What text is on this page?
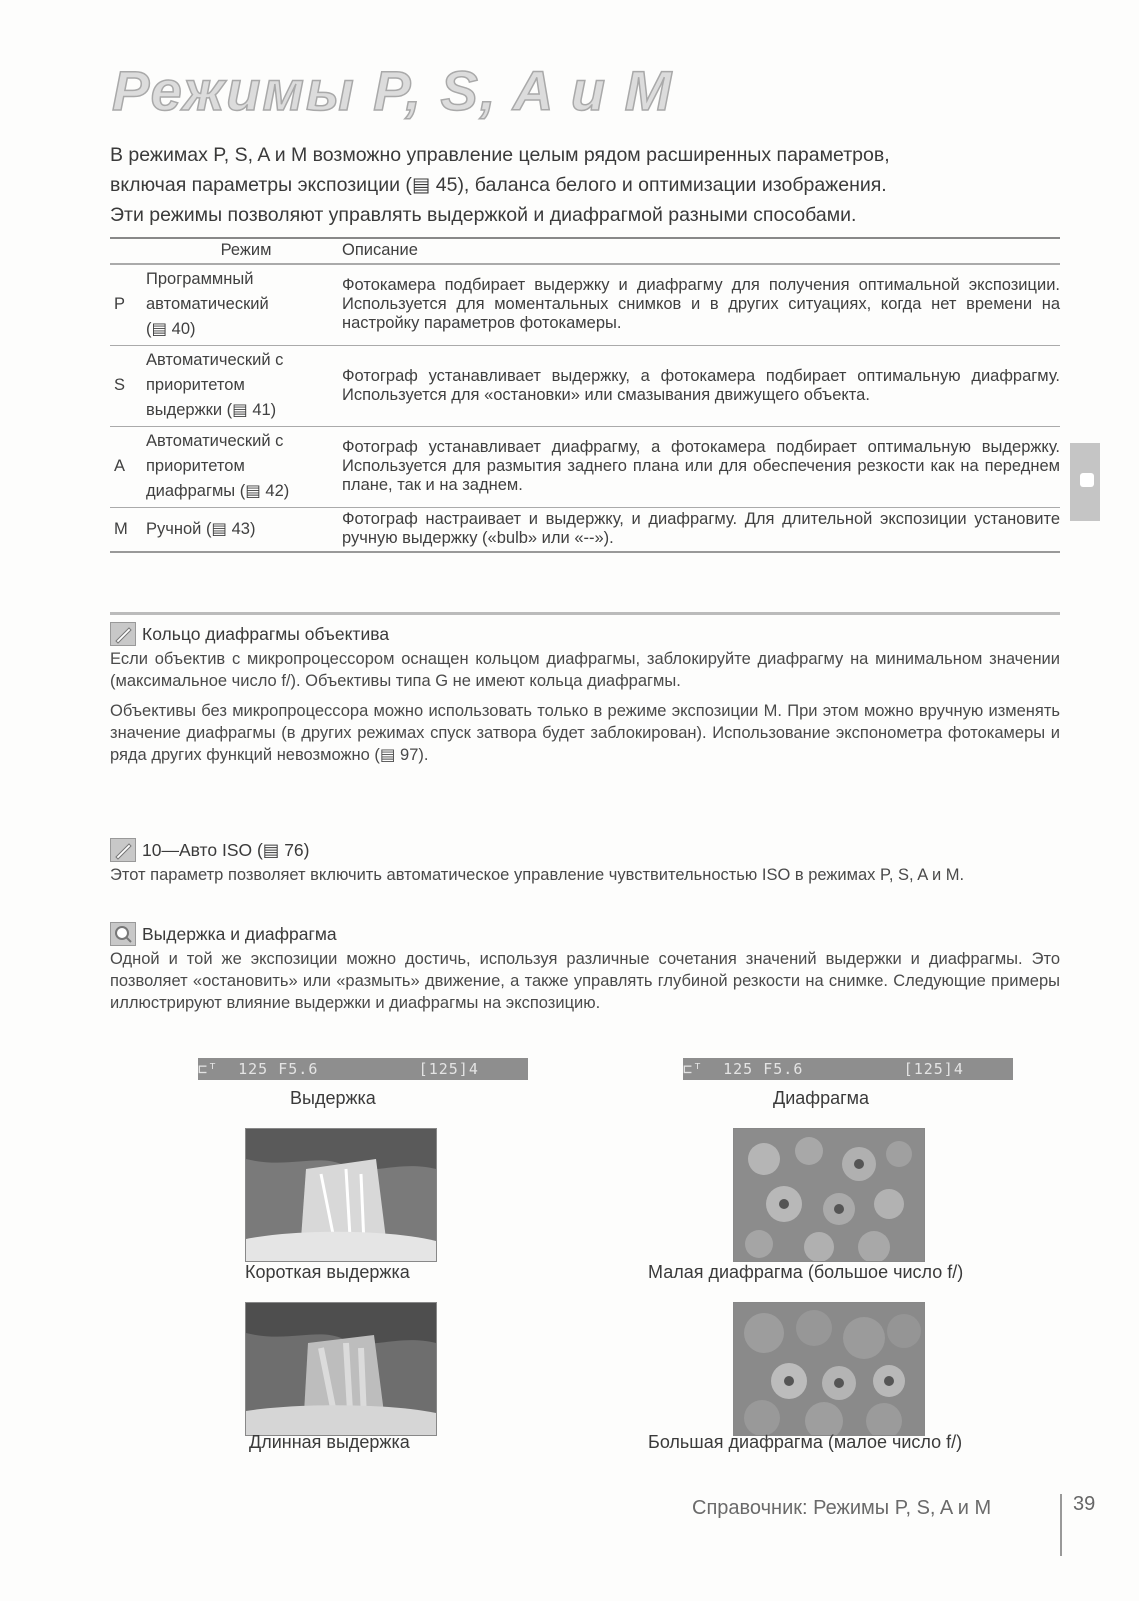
Режимы P, S, A и M

В режимах P, S, A и M возможно управление целым рядом расширенных параметров,
включая параметры экспозиции (▤ 45), баланса белого и оптимизации изображения.
Эти режимы позволяют управлять выдержкой и диафрагмой разными способами.

Режим		Описание
P	Программный
автоматический
(▤ 40)	Фотокамера подбирает выдержку и диафрагму для получения оптимальной экспозиции. Используется для моментальных снимков и в других ситуациях, когда нет времени на настройку параметров фотокамеры.
S	Автоматический с
приоритетом
выдержки (▤ 41)	Фотограф устанавливает выдержку, а фотокамера подбирает оптимальную диафрагму. Используется для «остановки» или смазывания движущего объекта.
A	Автоматический с
приоритетом
диафрагмы (▤ 42)	Фотограф устанавливает диафрагму, а фотокамера подбирает оптимальную выдержку. Используется для размытия заднего плана или для обеспечения резкости как на переднем плане, так и на заднем.
M	Ручной (▤ 43)	Фотограф настраивает и выдержку, и диафрагму. Для длительной экспозиции установите ручную выдержку («bulb» или «--»).
Кольцо диафрагмы объектива

Если объектив с микропроцессором оснащен кольцом диафрагмы, заблокируйте диафрагму на минимальном значении (максимальное число f/). Объективы типа G не имеют кольца диафрагмы.

Объективы без микропроцессора можно использовать только в режиме экспозиции M. При этом можно вручную изменять значение диафрагмы (в других режимах спуск затвора будет заблокирован). Использование экспонометра фотокамеры и ряда других функций невозможно (▤ 97).

10—Авто ISO (▤ 76)

Этот параметр позволяет включить автоматическое управление чувствительностью ISO в режимах P, S, A и M.

Выдержка и диафрагма

Одной и той же экспозиции можно достичь, используя различные сочетания значений выдержки и диафрагмы. Это позволяет «остановить» или «размыть» движение, а также управлять глубиной резкости на снимке. Следующие примеры иллюстрируют влияние выдержки и диафрагмы на экспозицию.

⊏ᵀ  125 F5.6          [125]4	⊏ᵀ  125 F5.6          [125]4
Выдержка	Диафрагма
Короткая выдержка	Малая диафрагма (большое число f/)
Длинная выдержка	Большая диафрагма (малое число f/)
Справочник: Режимы P, S, A и M	39
